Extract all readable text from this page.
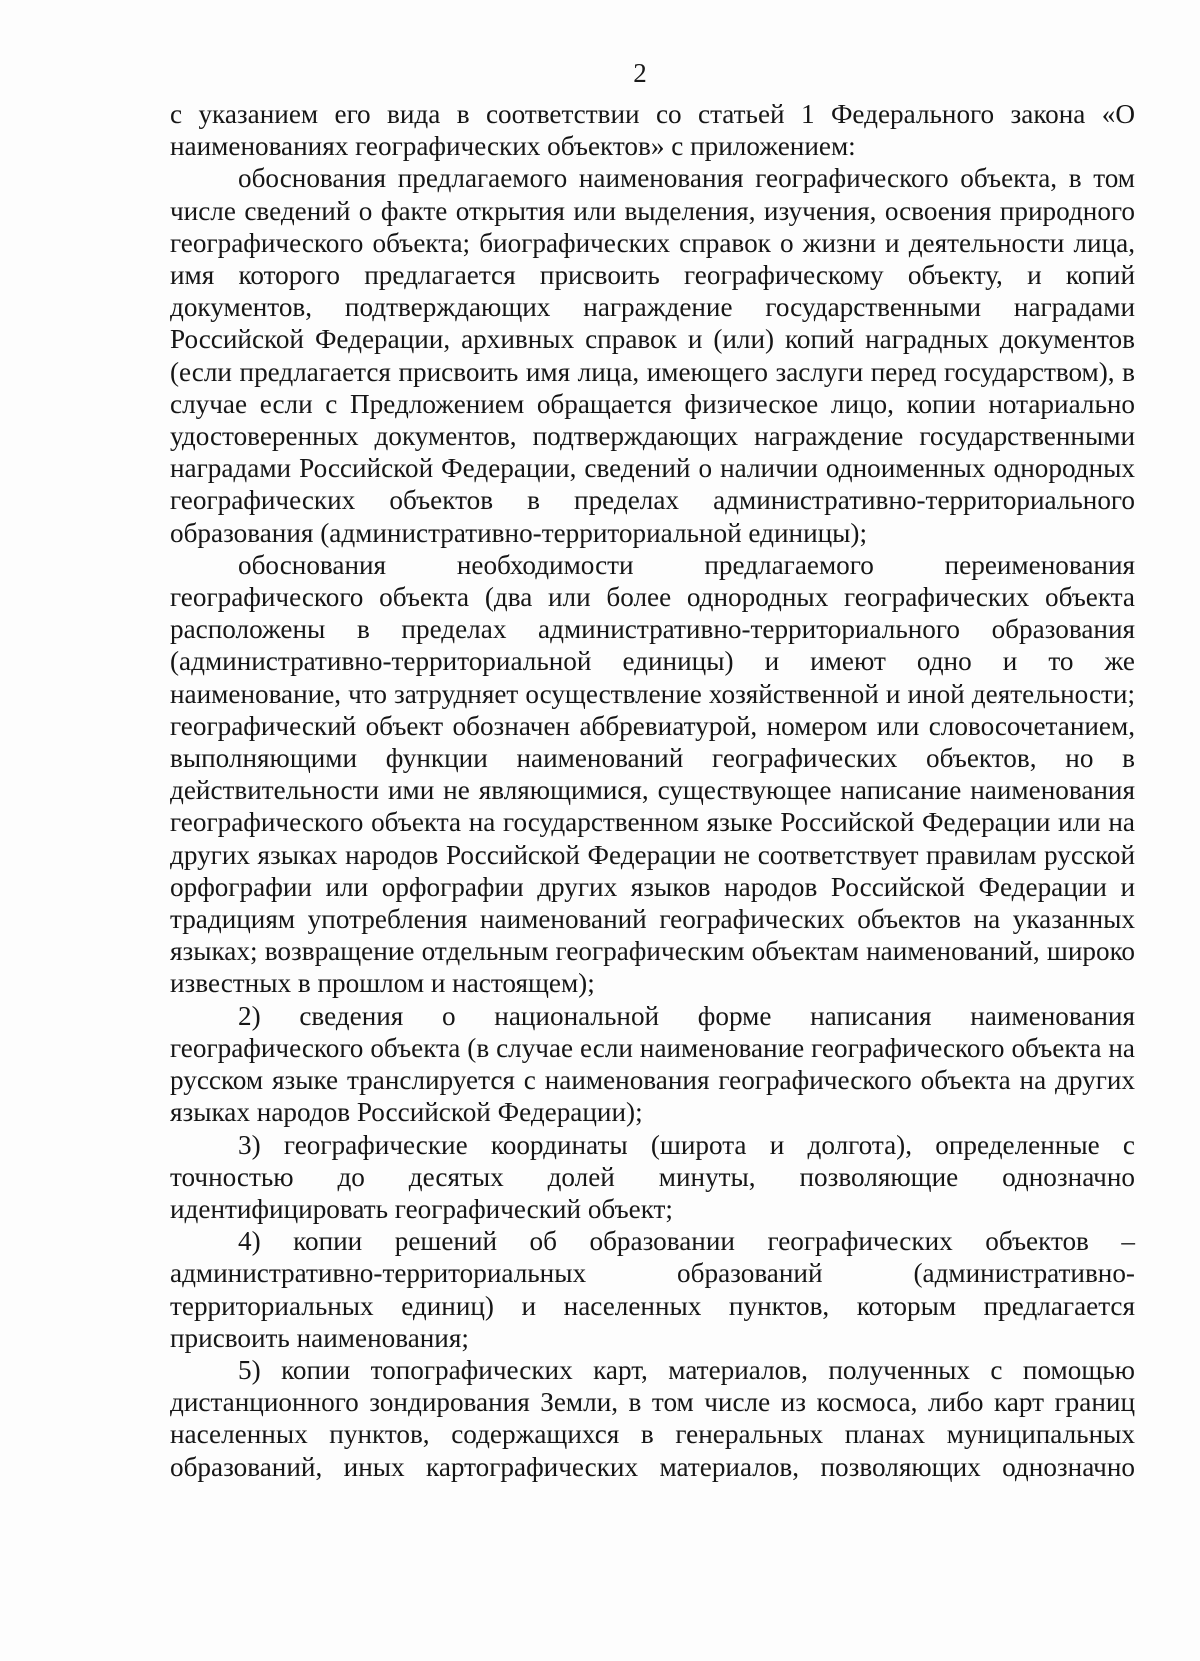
2

с указанием его вида в соответствии со статьей 1 Федерального закона «О наименованиях географических объектов» с приложением:

обоснования предлагаемого наименования географического объекта, в том числе сведений о факте открытия или выделения, изучения, освоения природного географического объекта; биографических справок о жизни и деятельности лица, имя которого предлагается присвоить географическому объекту, и копий документов, подтверждающих награждение государственными наградами Российской Федерации, архивных справок и (или) копий наградных документов (если предлагается присвоить имя лица, имеющего заслуги перед государством), в случае если с Предложением обращается физическое лицо, копии нотариально удостоверенных документов, подтверждающих награждение государственными наградами Российской Федерации, сведений о наличии одноименных однородных географических объектов в пределах административно-территориального образования (административно-территориальной единицы);

обоснования необходимости предлагаемого переименования географического объекта (два или более однородных географических объекта расположены в пределах административно-территориального образования (административно-территориальной единицы) и имеют одно и то же наименование, что затрудняет осуществление хозяйственной и иной деятельности; географический объект обозначен аббревиатурой, номером или словосочетанием, выполняющими функции наименований географических объектов, но в действительности ими не являющимися, существующее написание наименования географического объекта на государственном языке Российской Федерации или на других языках народов Российской Федерации не соответствует правилам русской орфографии или орфографии других языков народов Российской Федерации и традициям употребления наименований географических объектов на указанных языках; возвращение отдельным географическим объектам наименований, широко известных в прошлом и настоящем);

2) сведения о национальной форме написания наименования географического объекта (в случае если наименование географического объекта на русском языке транслируется с наименования географического объекта на других языках народов Российской Федерации);

3) географические координаты (широта и долгота), определенные с точностью до десятых долей минуты, позволяющие однозначно идентифицировать географический объект;

4) копии решений об образовании географических объектов – административно-территориальных образований (административно-территориальных единиц) и населенных пунктов, которым предлагается присвоить наименования;

5) копии топографических карт, материалов, полученных с помощью дистанционного зондирования Земли, в том числе из космоса, либо карт границ населенных пунктов, содержащихся в генеральных планах муниципальных образований, иных картографических материалов, позволяющих однозначно
